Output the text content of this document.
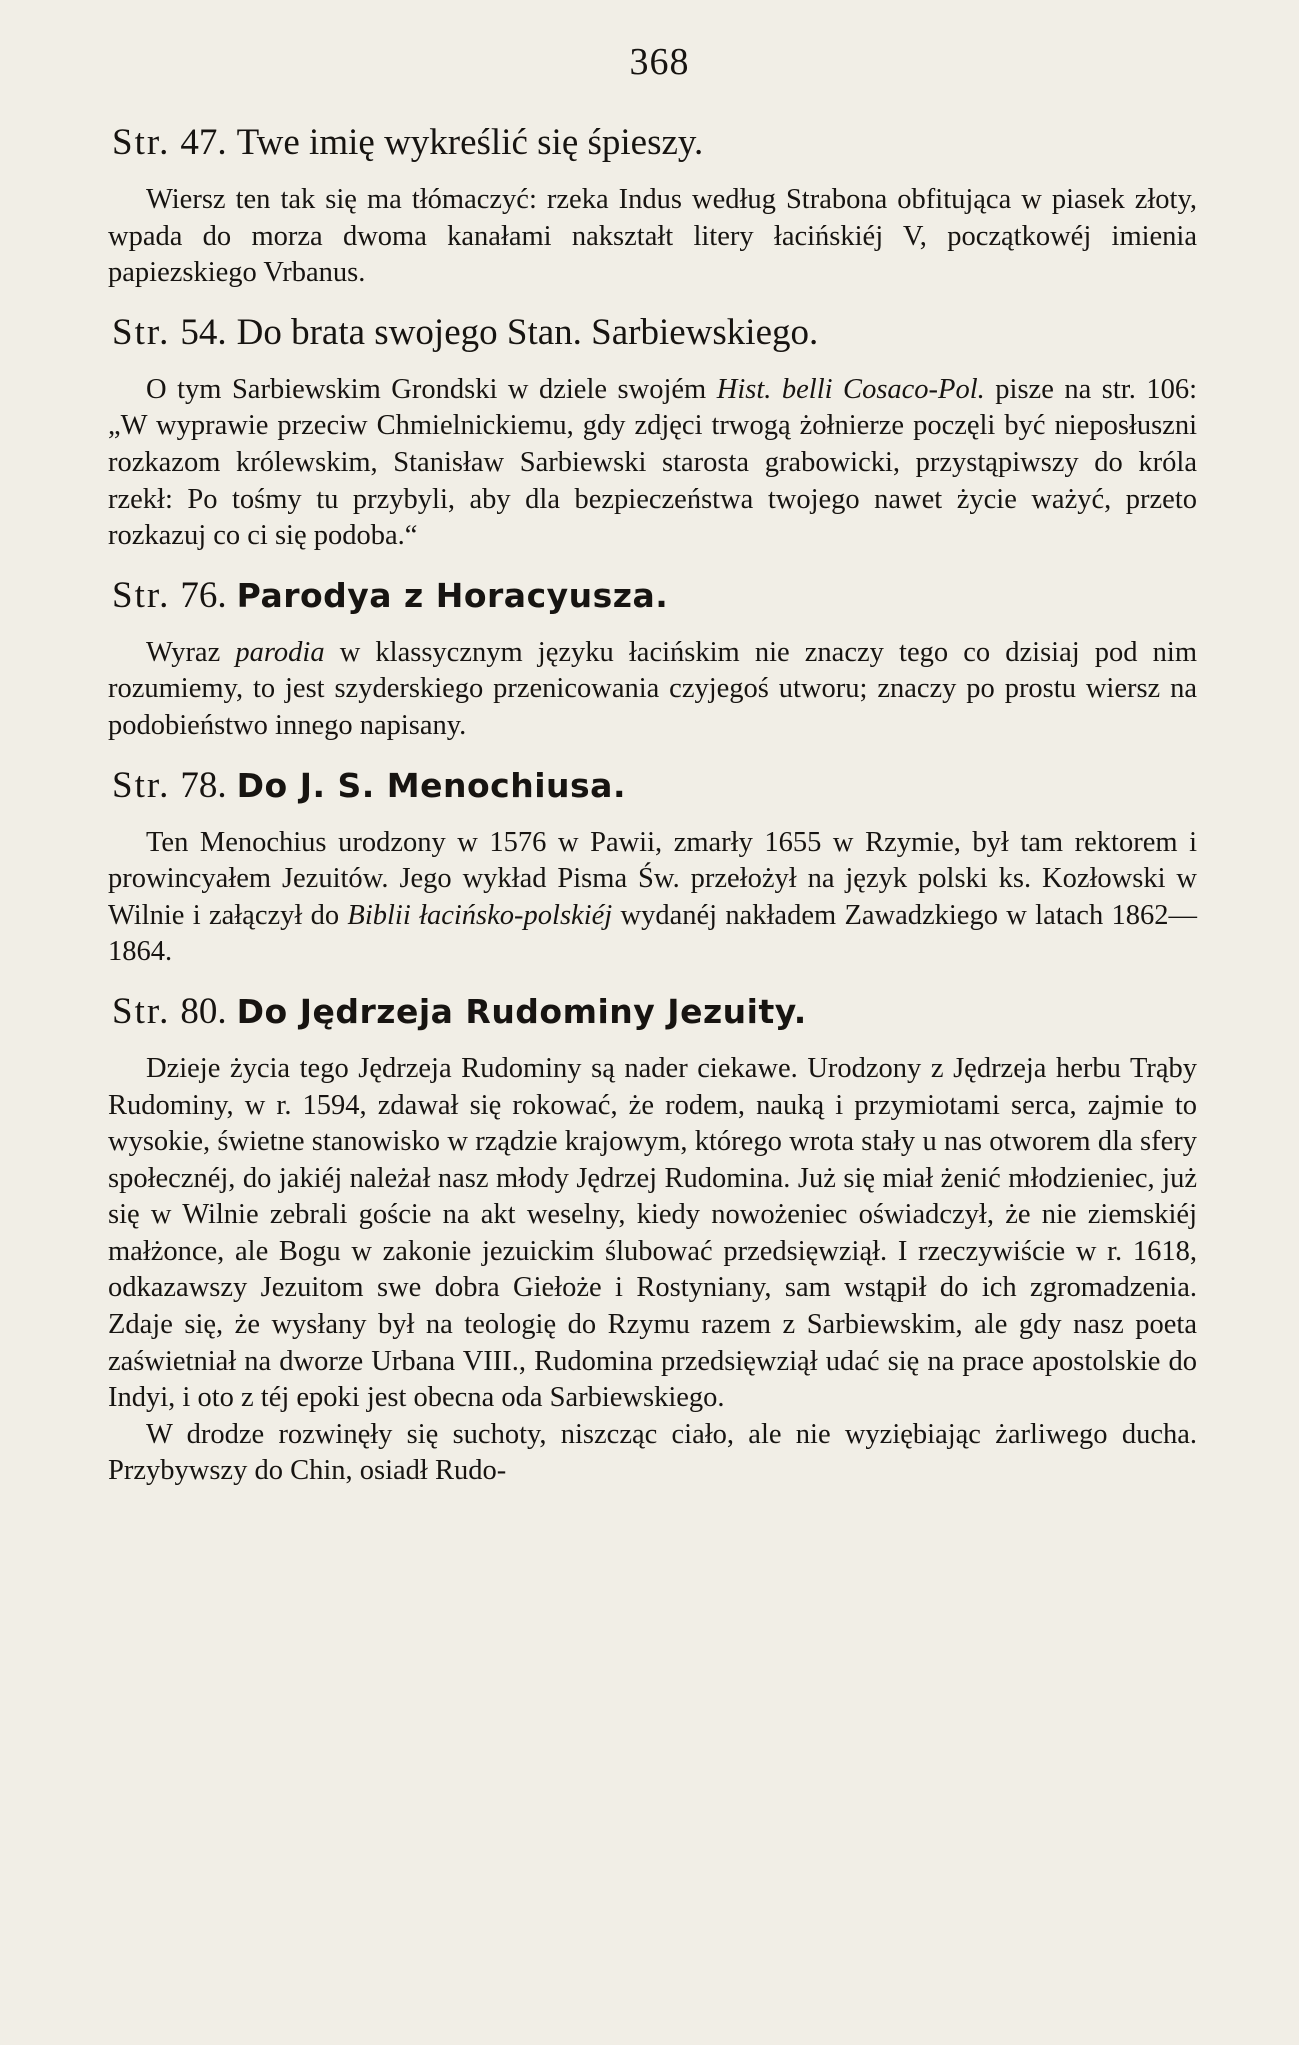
368
Str. 47. Twe imię wykreślić się śpieszy.

Wiersz ten tak się ma tłómaczyć: rzeka Indus według Strabona obfitująca w piasek złoty, wpada do morza dwoma kanałami nakształt litery łacińskiéj V, początkowéj imienia papiezskiego Vrbanus.

Str. 54. Do brata swojego Stan. Sarbiewskiego.

O tym Sarbiewskim Grondski w dziele swojém Hist. belli Cosaco-Pol. pisze na str. 106: „W wyprawie przeciw Chmielnickiemu, gdy zdjęci trwogą żołnierze poczęli być nieposłuszni rozkazom królewskim, Stanisław Sarbiewski starosta grabowicki, przystąpiwszy do króla rzekł: Po tośmy tu przybyli, aby dla bezpieczeństwa twojego nawet życie ważyć, przeto rozkazuj co ci się podoba.“

Str. 76. Parodya z Horacyusza.

Wyraz parodia w klassycznym języku łacińskim nie znaczy tego co dzisiaj pod nim rozumiemy, to jest szyderskiego przenicowania czyjegoś utworu; znaczy po prostu wiersz na podobieństwo innego napisany.

Str. 78. Do J. S. Menochiusa.

Ten Menochius urodzony w 1576 w Pawii, zmarły 1655 w Rzymie, był tam rektorem i prowincyałem Jezuitów. Jego wykład Pisma Św. przełożył na język polski ks. Kozłowski w Wilnie i załączył do Biblii łacińsko-polskiéj wydanéj nakładem Zawadzkiego w latach 1862—1864.

Str. 80. Do Jędrzeja Rudominy Jezuity.

Dzieje życia tego Jędrzeja Rudominy są nader ciekawe. Urodzony z Jędrzeja herbu Trąby Rudominy, w r. 1594, zdawał się rokować, że rodem, nauką i przymiotami serca, zajmie to wysokie, świetne stanowisko w rządzie krajowym, którego wrota stały u nas otworem dla sfery społecznéj, do jakiéj należał nasz młody Jędrzej Rudomina. Już się miał żenić młodzieniec, już się w Wilnie zebrali goście na akt weselny, kiedy nowożeniec oświadczył, że nie ziemskiéj małżonce, ale Bogu w zakonie jezuickim ślubować przedsięwziął. I rzeczywiście w r. 1618, odkazawszy Jezuitom swe dobra Giełoże i Rostyniany, sam wstąpił do ich zgromadzenia. Zdaje się, że wysłany był na teologię do Rzymu razem z Sarbiewskim, ale gdy nasz poeta zaświetniał na dworze Urbana VIII., Rudomina przedsięwziął udać się na prace apostolskie do Indyi, i oto z téj epoki jest obecna oda Sarbiewskiego.

W drodze rozwinęły się suchoty, niszcząc ciało, ale nie wyziębiając żarliwego ducha. Przybywszy do Chin, osiadł Rudo-
